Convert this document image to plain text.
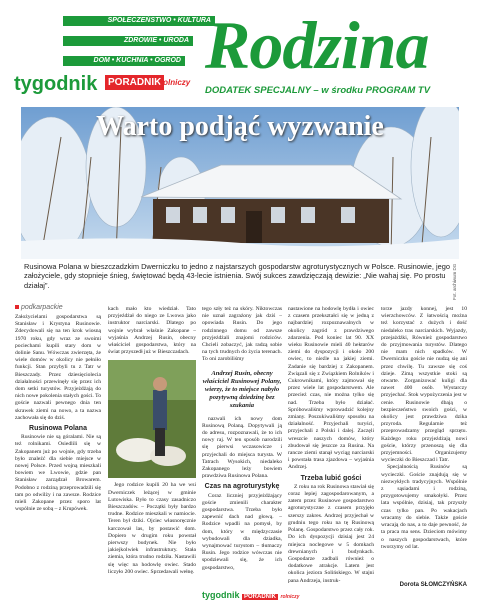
SPOŁECZEŃSTWO • KULTURA
ZDROWIE • URODA
DOM • KUCHNIA • OGRÓD
tygodnik	PORADNIK
rolniczy Rodzina
DODATEK SPECJALNY – w środku PROGRAM TV
Warto podjąć wyzwanie
Rusinowa Polana w bieszczadzkim Dwerniczku to jedno z najstarszych gospodarstw agroturystycznych w Polsce. Rusinowie, jego założyciele, gdy stopnieje śnieg, świętować będą 43-lecie istnienia. Swój sukces zawdzięczają dewizie: „Nie wahaj się. Po prostu działaj”.	Fot. archiwum DG
podkarpackie

Założycielami gospodarstwa są Stanisław i Krystyna Rusinowie. Zdecydowali się na ten krok wiosną 1970 roku, gdy wraz ze swoimi pociechami kupili stary dom w dolinie Sanu. Wówczas zwierzęta, że wiele domów w okolicy nie pełniło funkcji. Stan przybyli tu z Tatr w Bieszczady. Przez dziesięciolecia działalności przewinęły się przez ich dom setki turystów. Przyjeżdżają do nich nowe pokolenia stałych gości. To goście nazwali pewnego dnia ten skrawek ziemi na nowo, a ta nazwa zachowała się do dziś.

Rusinowa Polana

Rusinowie nie są góralami. Nie są też rolnikami. Osiedlili się w Zakopanem już po wojnie, gdy trzeba było znaleźć dla siebie miejsce w nowej Polsce. Przed wojną mieszkali bowiem we Lwowie, gdzie pan Stanisław zarządzał Browarem. Podobno z rodziną przeprowadzili się tam po odwilży i na zawsze. Rodzice mieli Zakopane przez sporo lat wspólnie ze sobą – z Krupówek.

kach mało kto wiedział. Tato przyjeżdżał do niego ze Lwowa jako instruktor narciarski. Dlatego po wojnie wybrał właśnie Zakopane – wyjaśnia Andrzej Rusin, obecny właściciel gospodarstwa, który na świat przyszedł już w Bieszczadach.

Jego rodzice kupili 20 ha we wsi Dwerniczek leżącej w gminie Lutowiska. Było to czasy zasadniczo Bieszczadów. – Początki były bardzo trudne. Rodzice mieszkali w namiocie. Teren był dziki. Ojciec własnoręcznie karczował las, by postawić dom. Dopiero w drugim roku powstał pierwszy budynek. Nie było jakiejkolwiek infrastruktury. Stała ziemia, która trudno rodziła. Nastawili się więc na hodowlę owiec. Stado liczyło 200 owiec. Sprzedawali wełnę.

tego szły też na skóry. Niktowczas nie uznał zagrażony jak dziś – opowiada Rusin. Do jego rodzinnego domu od zawsze przyjeżdżali znajomi rodziców. Chcieli zobaczyć, jak radzą sobie na tych trudnych do życia terenach. To oni zarobiliśmy

Andrzej Rusin, obecny właściciel Rusinowej Polany, wierzy, że to miejsce nabyło pozytywną dziedzinę bez szukania

nazwali ich nowy dom Rusinową Polaną. Dopytywali ją do adresu, rozpoznawali, że to ich nowy raj. W ten sposób narodzili się pierwsi wczasowicze i przyjechali do miejsca turysta. W Tatrach Wysokich, niedaleko Zakopanego leży bowiem prawdziwa Rusinowa Polana.

Czas na agroturystykę

Coraz liczniej przyjeżdżający goście zmienili charakter gospodarstwa. Trzeba było zapewnić dach nad głową. – Rodzice wpadli na pomysł, by dom, który w międzyczasie wybudowali dla dziadka, wynajmować turystom – tłumaczy Rusin. Jego rodzice wówczas nie spodziewali się, że ich gospodarstwo,

nastawione na hodowlę bydła i owiec z czasem przekształci się w jedną z najbardziej rozpoznawalnych w okolicy zagród z prawdziwego zdarzenia. Pod koniec lat 90. XX wieku Rusinowie mieli 40 hektarów ziemi do dyspozycji i około 200 owiec, to nieźle na jakiej ziemi. Zadanie się bardziej z Zakopanem. Związali się z Związkiem Rolników i Cukrownikami, który zajmował się przez wiele lat gospodarstwem. Ale przecież czas, nie można tylko się nad. Trzeba było działać. Spróbowaliśmy wprowadzić kolejny zmiany. Poszukiwaliśmy sposobu na działalność. Przyjechali turyści, przyjechali z Polski i dalej. Zaczęli wreszcie naszych domów, który zbudował się jeszcze za Rusina. Na rancze ziemi stanął wyciąg narciarski i powstała trasa zjazdowa – wyjaśnia Andrzej.

Trzeba lubić gości

Z roku na rok Rusinowa stawiał się coraz lepiej zagospodarowanym, a zatem przez Rusinowe gospodarstwo agroturystyczne z czasem przyjęło szerszy zakres. Andrzej przyjechał w grudniu tego roku na tę Rusinową Polanę. Gospodarstwo przez cały rok. Do ich dyspozycji dzisiaj jest 24 miejsca noclegowe w 5 domkach drewnianych i budynkach. Gospodarze zadbali również o dodatkowe atrakcje. Latem jest okolica jeziora Solińskiego. W stajni pana Andrzeja, instruk-

torze jazdy konnej, jest 10 wierzchowców. Z łatwością można też korzystać z dużych i dość niedaleko tras narciarskich. Wyjazdy, przejażdżki, Również gospodarstwo do przyjmowania turystów. Dlatego nie mam nich spadków. W Dwerniczku goście nie nudzą się ani przez chwilę. Tu zawsze się coś dzieje. Zimą wszystkie stoki są otwarte. Zorganizować kuligi dla nawet 400 osób. Wystarczy przyjechać. Stok wypożyczenia jest w cenie. Rusinowie dbają o bezpieczeństwo swoich gości, w okolicy jest prawdziwa dzika przyroda. Regularnie też przeprowadzamy przegląd sprzętu. Każdego roku przyjeżdżają nowi goście, którzy przenoszą się dla przyjemności. Organizujemy wycieczki do Bieszczad i Tatr.

Specjalnością Rusinów są wycieczki. Goście znajdują się w niezwykłych tradycyjnych. Wspólnie z sąsiadami i rodziną, przygotowujemy smakołyki. Przez lata wspólnie, dzisiaj, tak przyszły czas tylko pan. Po wakacjach wracamy do siebie. Także goście wracają do nas, a to daje pewność, że ta praca ma sens. Dzieciom mówimy o naszych gospodarstwach, które tworzymy od lat.

Dorota SŁOMCZYŃSKA
tygodnik PORADNIK rolniczy
